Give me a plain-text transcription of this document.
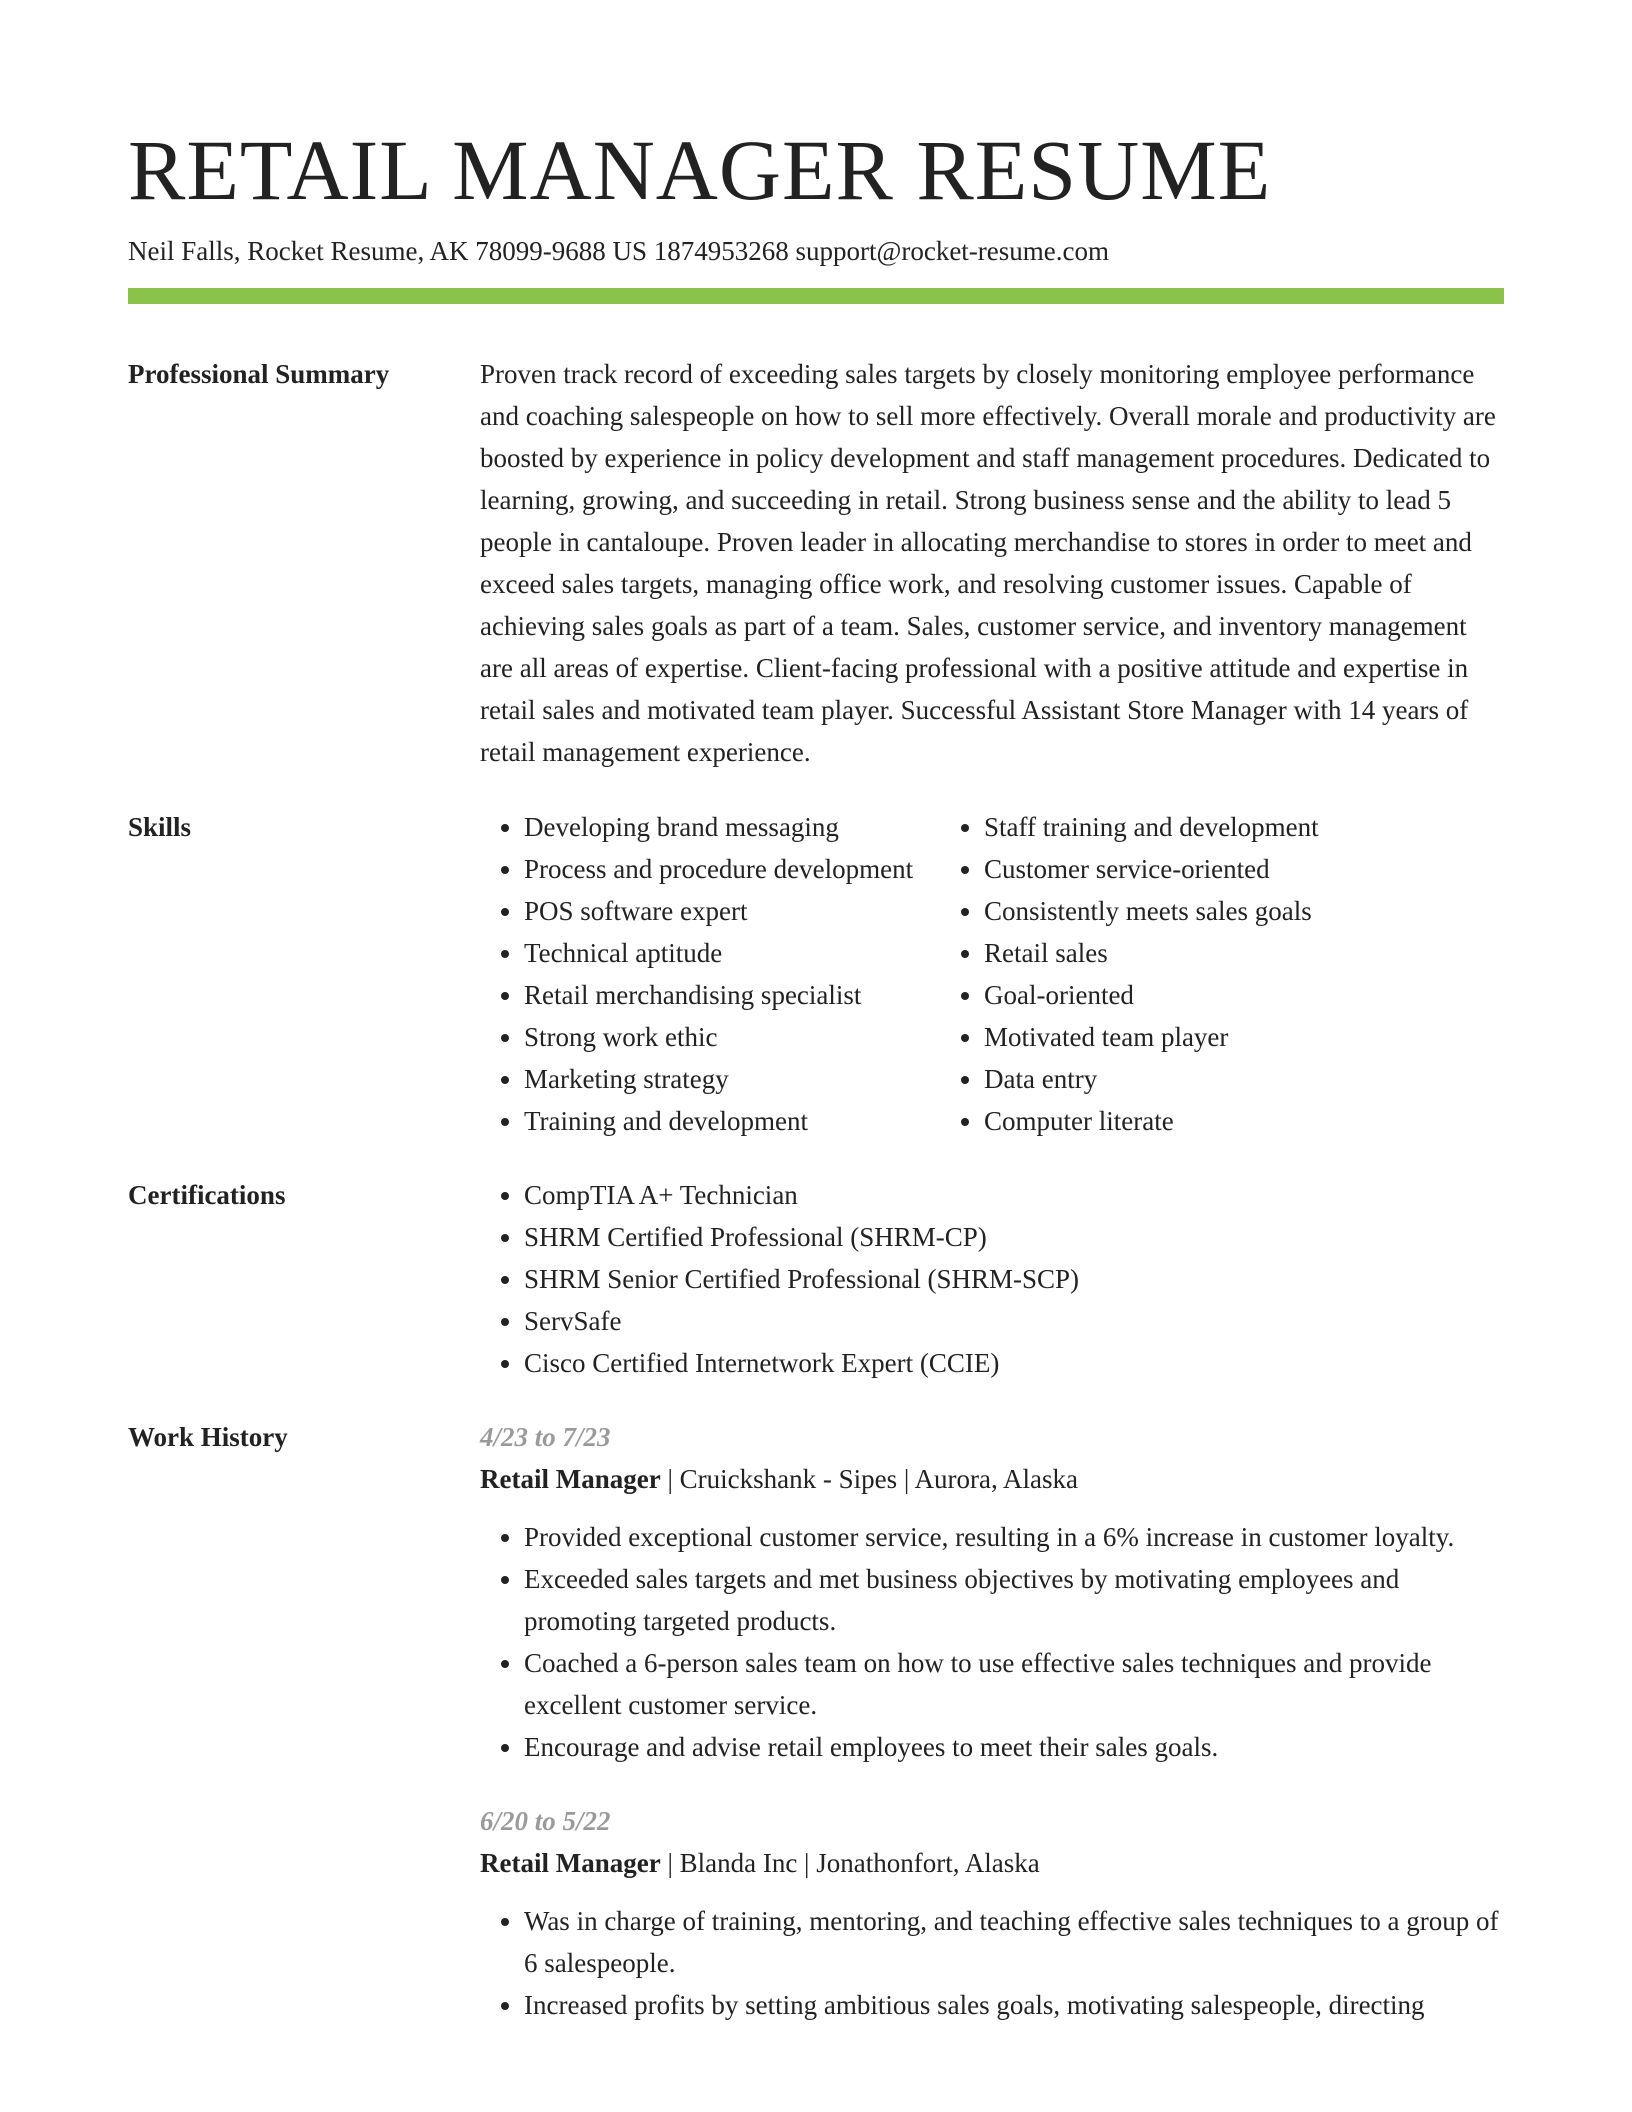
RETAIL MANAGER RESUME
Neil Falls, Rocket Resume, AK 78099-9688 US 1874953268 support@rocket-resume.com
Professional Summary	Proven track record of exceeding sales targets by closely monitoring employee performance and coaching salespeople on how to sell more effectively. Overall morale and productivity are boosted by experience in policy development and staff management procedures. Dedicated to learning, growing, and succeeding in retail. Strong business sense and the ability to lead 5 people in cantaloupe. Proven leader in allocating merchandise to stores in order to meet and exceed sales targets, managing office work, and resolving customer issues. Capable of achieving sales goals as part of a team. Sales, customer service, and inventory management are all areas of expertise. Client-facing professional with a positive attitude and expertise in retail sales and motivated team player. Successful Assistant Store Manager with 14 years of retail management experience.
Skills	• Developing brand messaging
• Process and procedure development
• POS software expert
• Technical aptitude
• Retail merchandising specialist
• Strong work ethic
• Marketing strategy
• Training and development
• Staff training and development
• Customer service-oriented
• Consistently meets sales goals
• Retail sales
• Goal-oriented
• Motivated team player
• Data entry
• Computer literate
Certifications	• CompTIA A+ Technician
• SHRM Certified Professional (SHRM-CP)
• SHRM Senior Certified Professional (SHRM-SCP)
• ServSafe
• Cisco Certified Internetwork Expert (CCIE)
Work History	4/23 to 7/23
Retail Manager | Cruickshank - Sipes | Aurora, Alaska
• Provided exceptional customer service, resulting in a 6% increase in customer loyalty.
• Exceeded sales targets and met business objectives by motivating employees and promoting targeted products.
• Coached a 6-person sales team on how to use effective sales techniques and provide excellent customer service.
• Encourage and advise retail employees to meet their sales goals.
6/20 to 5/22
Retail Manager | Blanda Inc | Jonathonfort, Alaska
• Was in charge of training, mentoring, and teaching effective sales techniques to a group of 6 salespeople.
• Increased profits by setting ambitious sales goals, motivating salespeople, directing
